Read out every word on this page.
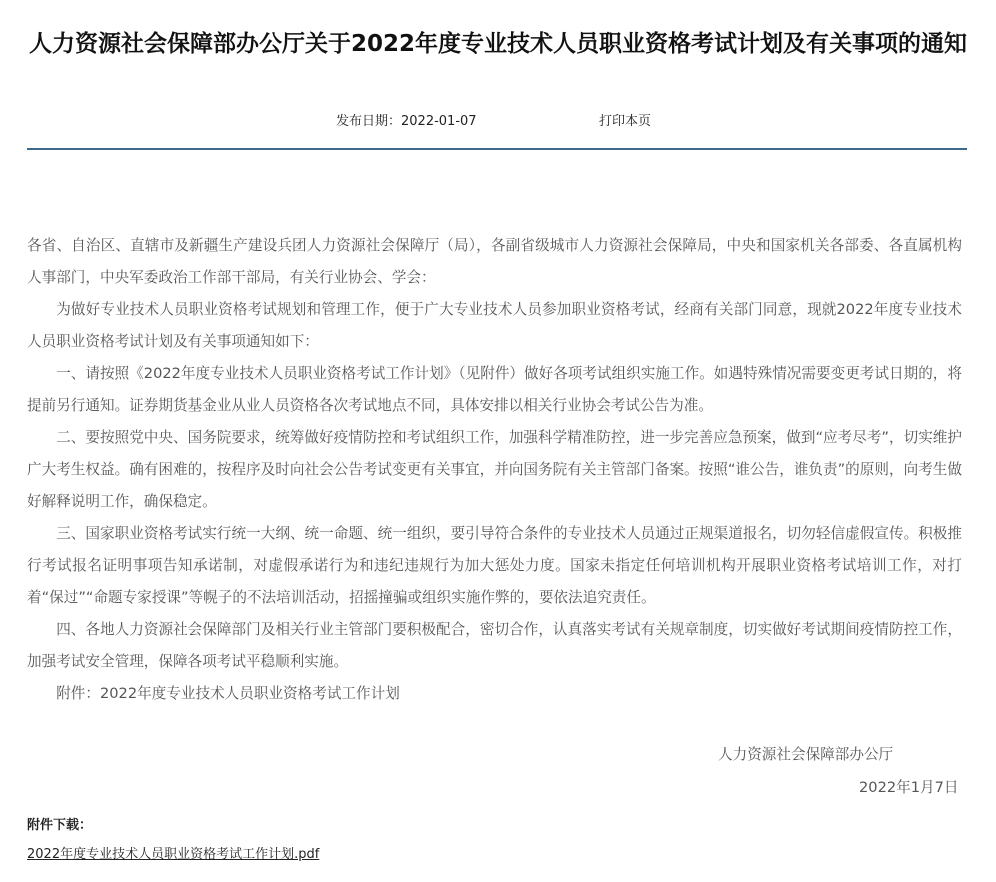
人力资源社会保障部办公厅关于2022年度专业技术人员职业资格考试计划及有关事项的通知
发布日期：2022-01-07	打印本页

各省、自治区、直辖市及新疆生产建设兵团人力资源社会保障厅（局），各副省级城市人力资源社会保障局，中央和国家机关各部委、各直属机构人事部门，中央军委政治工作部干部局，有关行业协会、学会：

为做好专业技术人员职业资格考试规划和管理工作，便于广大专业技术人员参加职业资格考试，经商有关部门同意，现就2022年度专业技术人员职业资格考试计划及有关事项通知如下：

一、请按照《2022年度专业技术人员职业资格考试工作计划》（见附件）做好各项考试组织实施工作。如遇特殊情况需要变更考试日期的，将提前另行通知。证券期货基金业从业人员资格各次考试地点不同，具体安排以相关行业协会考试公告为准。

二、要按照党中央、国务院要求，统筹做好疫情防控和考试组织工作，加强科学精准防控，进一步完善应急预案，做到“应考尽考”，切实维护广大考生权益。确有困难的，按程序及时向社会公告考试变更有关事宜，并向国务院有关主管部门备案。按照“谁公告，谁负责”的原则，向考生做好解释说明工作，确保稳定。

三、国家职业资格考试实行统一大纲、统一命题、统一组织，要引导符合条件的专业技术人员通过正规渠道报名，切勿轻信虚假宣传。积极推行考试报名证明事项告知承诺制，对虚假承诺行为和违纪违规行为加大惩处力度。国家未指定任何培训机构开展职业资格考试培训工作，对打着“保过”“命题专家授课”等幌子的不法培训活动，招摇撞骗或组织实施作弊的，要依法追究责任。

四、各地人力资源社会保障部门及相关行业主管部门要积极配合，密切合作，认真落实考试有关规章制度，切实做好考试期间疫情防控工作，加强考试安全管理，保障各项考试平稳顺利实施。

附件：2022年度专业技术人员职业资格考试工作计划

人力资源社会保障部办公厅
2022年1月7日
附件下载：
2022年度专业技术人员职业资格考试工作计划.pdf
